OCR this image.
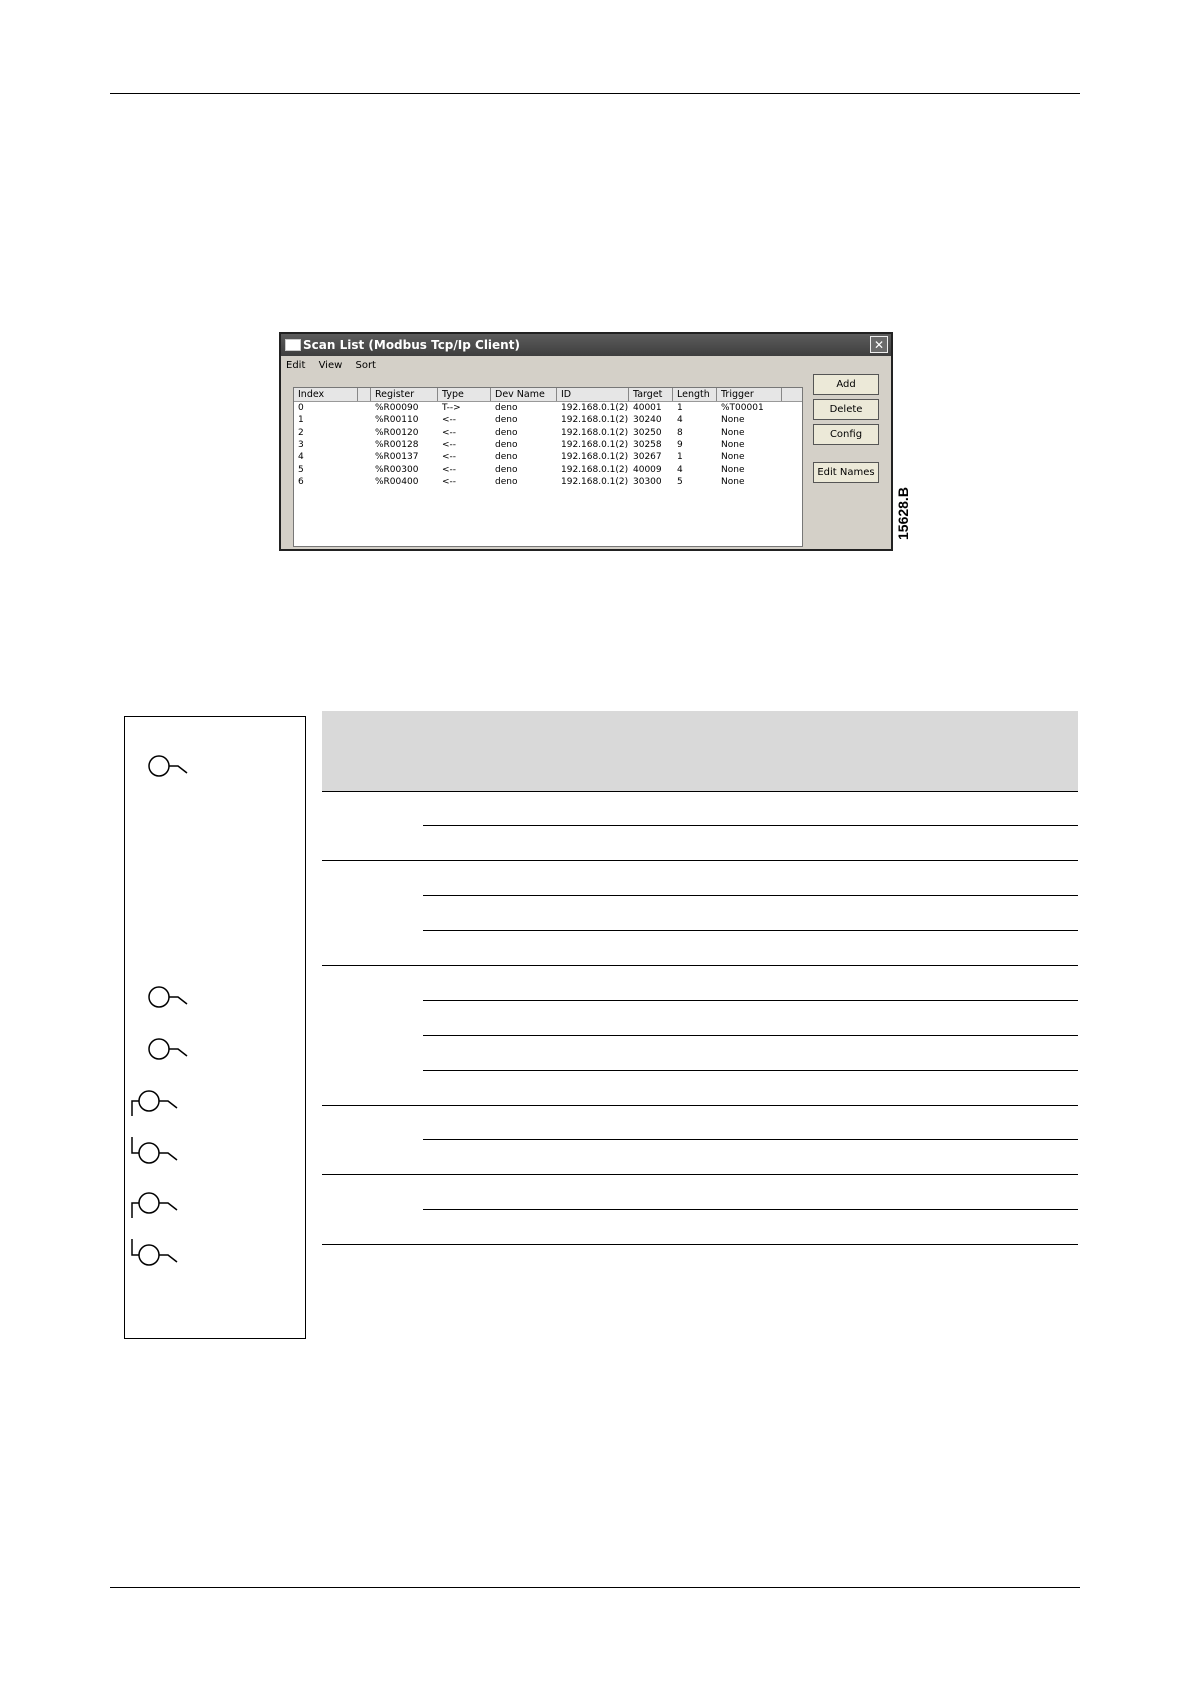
Scan List (Modbus Tcp/Ip Client)	✕
Edit View Sort
Index	Register	Type	Dev Name	ID	Target	Length	Trigger
0	%R00090	T-->	deno	192.168.0.1(2) 40001	1	%T00001
1	%R00110	<--	deno	192.168.0.1(2) 30240	4	None
2	%R00120	<--	deno	192.168.0.1(2) 30250	8	None
3	%R00128	<--	deno	192.168.0.1(2) 30258	9	None
4	%R00137	<--	deno	192.168.0.1(2) 30267	1	None
5	%R00300	<--	deno	192.168.0.1(2) 40009	4	None
6	%R00400	<--	deno	192.168.0.1(2) 30300	5	None
Add
Delete
Config
Edit Names
15628.B
